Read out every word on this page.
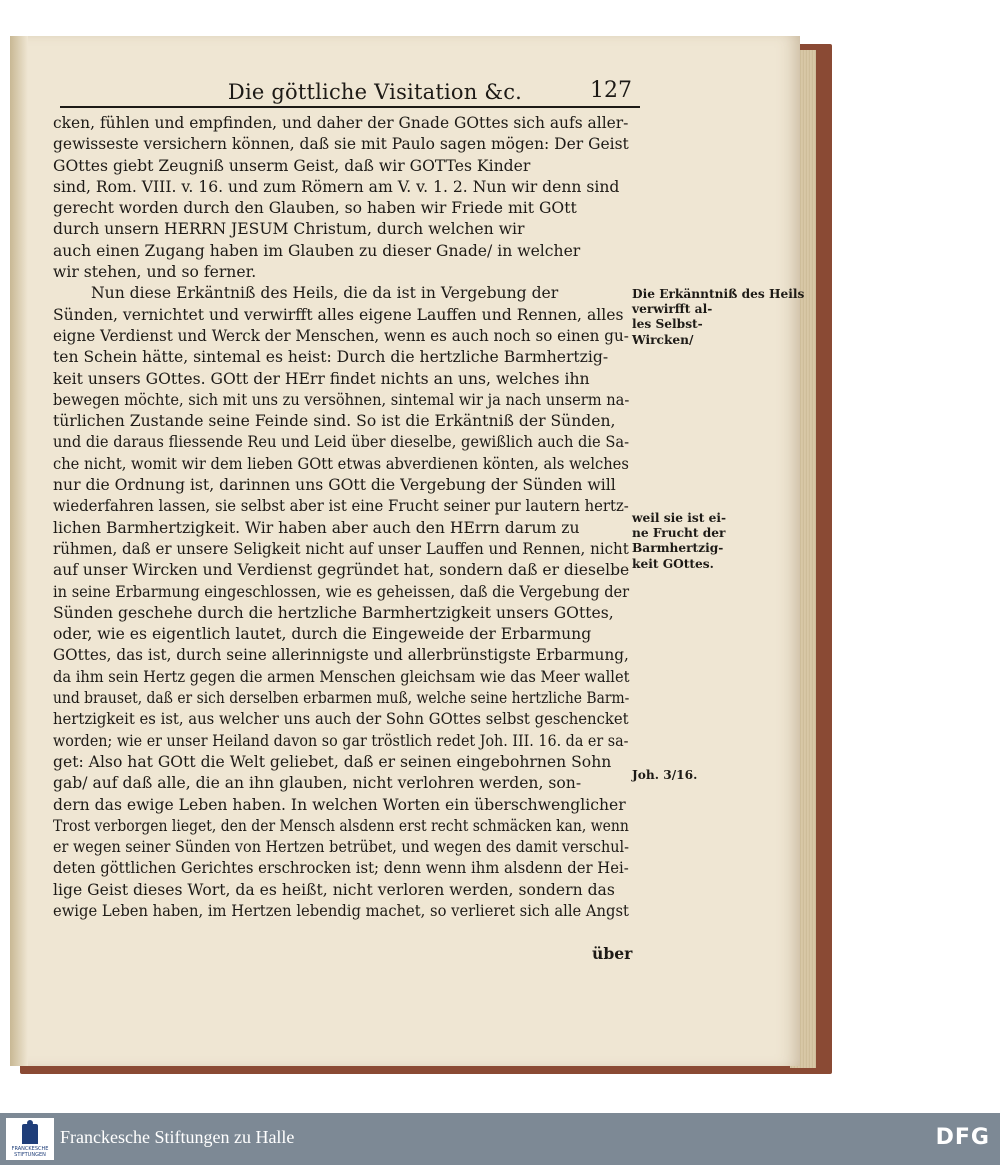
Die göttliche Visitation &c.	127
cken, fühlen und empfinden, und daher der Gnade GOttes sich aufs aller-
gewisseste versichern können, daß sie mit Paulo sagen mögen: Der Geist
GOttes giebt Zeugniß unserm Geist, daß wir GOTTes Kinder
sind, Rom. VIII. v. 16. und zum Römern am V. v. 1. 2. Nun wir denn sind
gerecht worden durch den Glauben, so haben wir Friede mit GOtt
durch unsern HERRN JESUM Christum, durch welchen wir
auch einen Zugang haben im Glauben zu dieser Gnade/ in welcher
wir stehen, und so ferner.
Nun diese Erkäntniß des Heils, die da ist in Vergebung der
Sünden, vernichtet und verwirfft alles eigene Lauffen und Rennen, alles
eigne Verdienst und Werck der Menschen, wenn es auch noch so einen gu-
ten Schein hätte, sintemal es heist: Durch die hertzliche Barmhertzig-
keit unsers GOttes. GOtt der HErr findet nichts an uns, welches ihn
bewegen möchte, sich mit uns zu versöhnen, sintemal wir ja nach unserm na-
türlichen Zustande seine Feinde sind. So ist die Erkäntniß der Sünden,
und die daraus fliessende Reu und Leid über dieselbe, gewißlich auch die Sa-
che nicht, womit wir dem lieben GOtt etwas abverdienen könten, als welches
nur die Ordnung ist, darinnen uns GOtt die Vergebung der Sünden will
wiederfahren lassen, sie selbst aber ist eine Frucht seiner pur lautern hertz-
lichen Barmhertzigkeit. Wir haben aber auch den HErrn darum zu
rühmen, daß er unsere Seligkeit nicht auf unser Lauffen und Rennen, nicht
auf unser Wircken und Verdienst gegründet hat, sondern daß er dieselbe
in seine Erbarmung eingeschlossen, wie es geheissen, daß die Vergebung der
Sünden geschehe durch die hertzliche Barmhertzigkeit unsers GOttes,
oder, wie es eigentlich lautet, durch die Eingeweide der Erbarmung
GOttes, das ist, durch seine allerinnigste und allerbrünstigste Erbarmung,
da ihm sein Hertz gegen die armen Menschen gleichsam wie das Meer wallet
und brauset, daß er sich derselben erbarmen muß, welche seine hertzliche Barm-
hertzigkeit es ist, aus welcher uns auch der Sohn GOttes selbst geschencket
worden; wie er unser Heiland davon so gar tröstlich redet Joh. III. 16. da er sa-
get: Also hat GOtt die Welt geliebet, daß er seinen eingebohrnen Sohn
gab/ auf daß alle, die an ihn glauben, nicht verlohren werden, son-
dern das ewige Leben haben. In welchen Worten ein überschwenglicher
Trost verborgen lieget, den der Mensch alsdenn erst recht schmäcken kan, wenn
er wegen seiner Sünden von Hertzen betrübet, und wegen des damit verschul-
deten göttlichen Gerichtes erschrocken ist; denn wenn ihm alsdenn der Hei-
lige Geist dieses Wort, da es heißt, nicht verloren werden, sondern das
ewige Leben haben, im Hertzen lebendig machet, so verlieret sich alle Angst
Die Erkänntniß des Heils
verwirfft al-
les Selbst-
Wircken/
weil sie ist ei-
ne Frucht der
Barmhertzig-
keit GOttes.
Joh. 3/16.
über
FRANCKESCHE STIFTUNGEN
Franckesche Stiftungen zu Halle	DFG
